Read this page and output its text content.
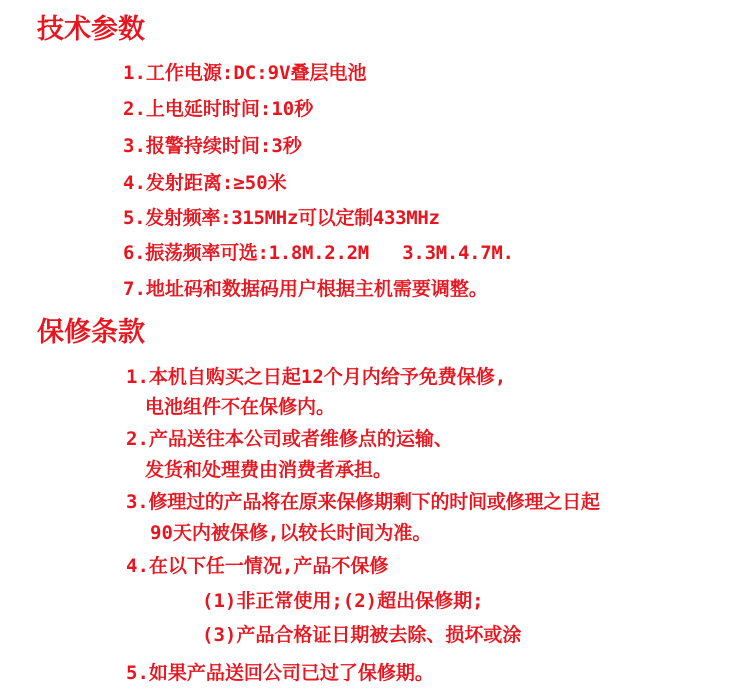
技术参数
1.工作电源:DC:9V叠层电池
2.上电延时时间:10秒
3.报警持续时间:3秒
4.发射距离:≥50米
5.发射频率:315MHz可以定制433MHz
6.振荡频率可选:1.8M.2.2M   3.3M.4.7M.
7.地址码和数据码用户根据主机需要调整。
保修条款
1.本机自购买之日起12个月内给予免费保修,
电池组件不在保修内。
2.产品送往本公司或者维修点的运输、
发货和处理费由消费者承担。
3.修理过的产品将在原来保修期剩下的时间或修理之日起
90天内被保修,以较长时间为准。
4.在以下任一情况,产品不保修
(1)非正常使用;(2)超出保修期;
(3)产品合格证日期被去除、损坏或涂
5.如果产品送回公司已过了保修期。
